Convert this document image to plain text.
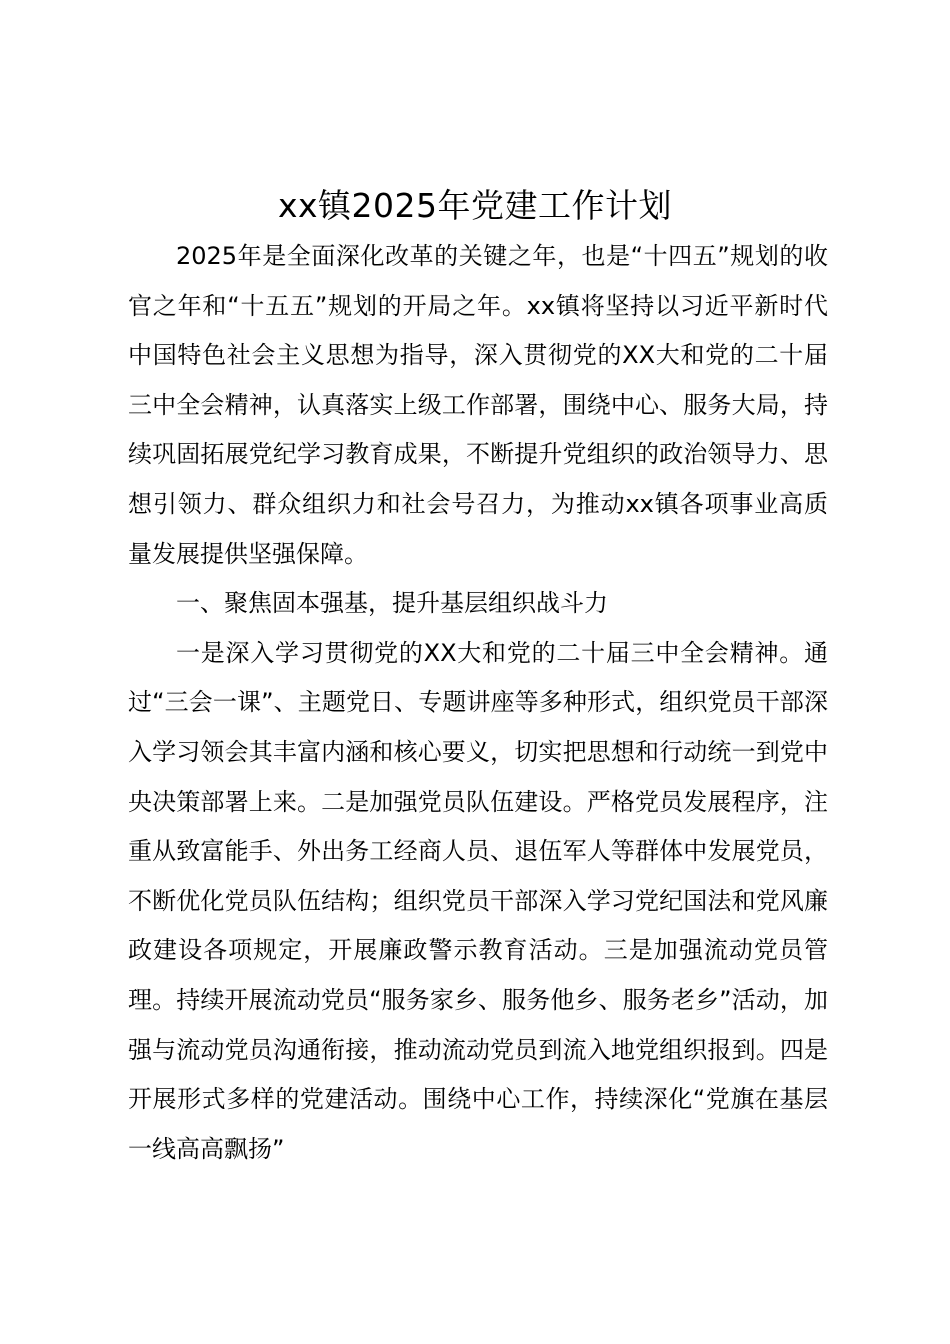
xx镇2025年党建工作计划

2025年是全面深化改革的关键之年，也是“十四五”规划的收官之年和“十五五”规划的开局之年。xx镇将坚持以习近平新时代中国特色社会主义思想为指导，深入贯彻党的XX大和党的二十届三中全会精神，认真落实上级工作部署，围绕中心、服务大局，持续巩固拓展党纪学习教育成果，不断提升党组织的政治领导力、思想引领力、群众组织力和社会号召力，为推动xx镇各项事业高质量发展提供坚强保障。

一、聚焦固本强基，提升基层组织战斗力

一是深入学习贯彻党的XX大和党的二十届三中全会精神。通过“三会一课”、主题党日、专题讲座等多种形式，组织党员干部深入学习领会其丰富内涵和核心要义，切实把思想和行动统一到党中央决策部署上来。二是加强党员队伍建设。严格党员发展程序，注重从致富能手、外出务工经商人员、退伍军人等群体中发展党员，不断优化党员队伍结构；组织党员干部深入学习党纪国法和党风廉政建设各项规定，开展廉政警示教育活动。三是加强流动党员管理。持续开展流动党员“服务家乡、服务他乡、服务老乡”活动，加强与流动党员沟通衔接，推动流动党员到流入地党组织报到。四是开展形式多样的党建活动。围绕中心工作，持续深化“党旗在基层一线高高飘扬”
